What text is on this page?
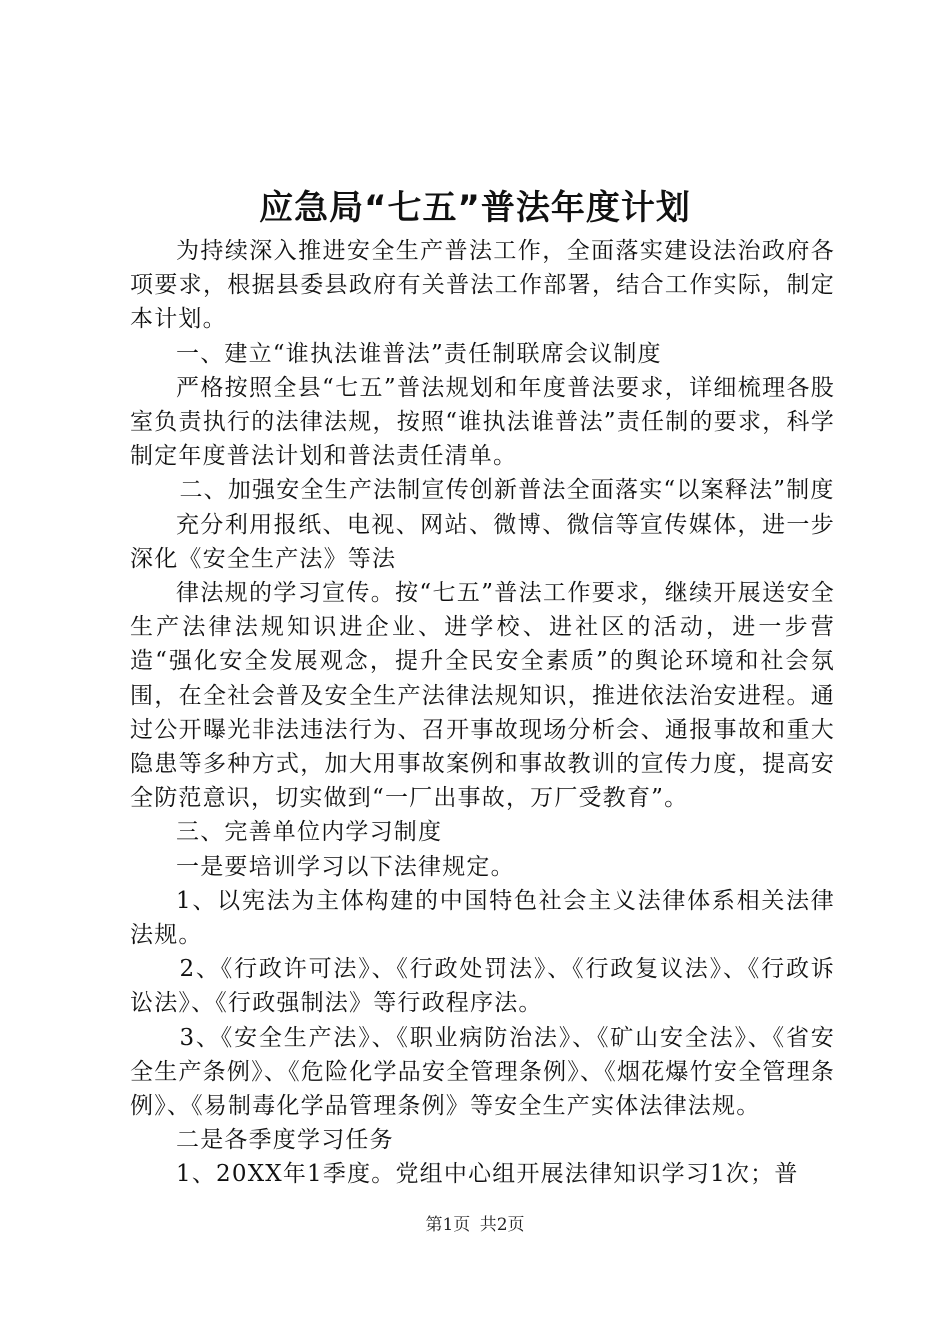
应急局“七五”普法年度计划

为持续深入推进安全生产普法工作，全面落实建设法治政府各项要求，根据县委县政府有关普法工作部署，结合工作实际，制定本计划。

一、建立“谁执法谁普法”责任制联席会议制度

严格按照全县“七五”普法规划和年度普法要求，详细梳理各股室负责执行的法律法规，按照“谁执法谁普法”责任制的要求，科学制定年度普法计划和普法责任清单。

二、加强安全生产法制宣传创新普法全面落实“以案释法”制度

充分利用报纸、电视、网站、微博、微信等宣传媒体，进一步深化《安全生产法》等法

律法规的学习宣传。按“七五”普法工作要求，继续开展送安全生产法律法规知识进企业、进学校、进社区的活动，进一步营造“强化安全发展观念，提升全民安全素质”的舆论环境和社会氛围，在全社会普及安全生产法律法规知识，推进依法治安进程。通过公开曝光非法违法行为、召开事故现场分析会、通报事故和重大隐患等多种方式，加大用事故案例和事故教训的宣传力度，提高安全防范意识，切实做到“一厂出事故，万厂受教育”。

三、完善单位内学习制度

一是要培训学习以下法律规定。

1、以宪法为主体构建的中国特色社会主义法律体系相关法律法规。

2、《行政许可法》、《行政处罚法》、《行政复议法》、《行政诉讼法》、《行政强制法》等行政程序法。

3、《安全生产法》、《职业病防治法》、《矿山安全法》、《省安全生产条例》、《危险化学品安全管理条例》、《烟花爆竹安全管理条例》、《易制毒化学品管理条例》等安全生产实体法律法规。

二是各季度学习任务

1、20XX年1季度。党组中心组开展法律知识学习1次；普

第1页 共2页
